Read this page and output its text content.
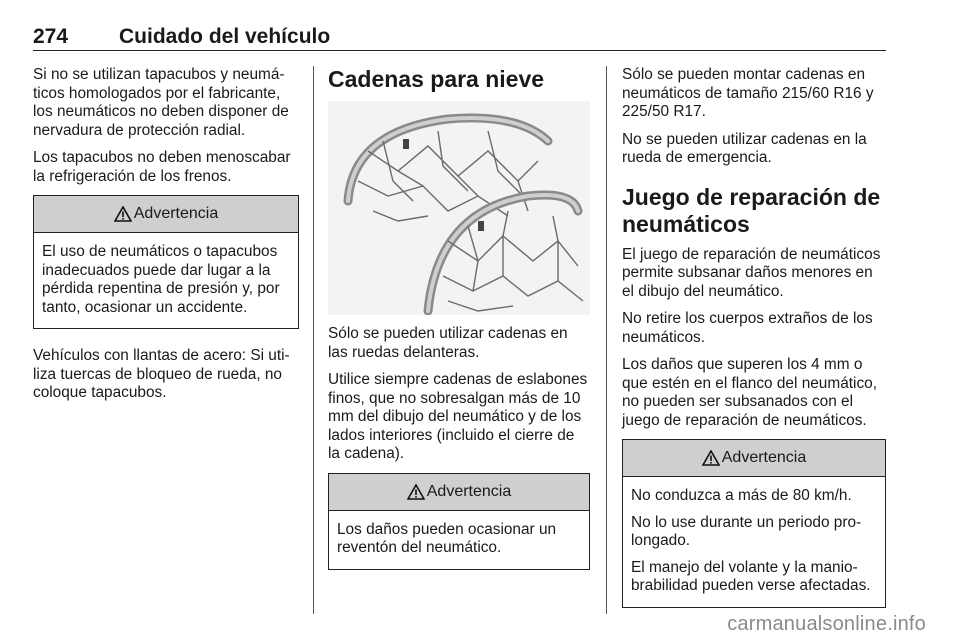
274 Cuidado del vehículo

Si no se utilizan tapacubos y neumáticos homologados por el fabricante, los neumáticos no deben disponer de nervadura de protección radial.

Los tapacubos no deben menoscabar la refrigeración de los frenos.

Advertencia

El uso de neumáticos o tapacubos inadecuados puede dar lugar a la pérdida repentina de presión y, por tanto, ocasionar un accidente.

Vehículos con llantas de acero: Si utiliza tuercas de bloqueo de rueda, no coloque tapacubos.

Cadenas para nieve

Sólo se pueden utilizar cadenas en las ruedas delanteras.

Utilice siempre cadenas de eslabones finos, que no sobresalgan más de 10 mm del dibujo del neumático y de los lados interiores (incluido el cierre de la cadena).

Advertencia

Los daños pueden ocasionar un reventón del neumático.

Sólo se pueden montar cadenas en neumáticos de tamaño 215/60 R16 y 225/50 R17.

No se pueden utilizar cadenas en la rueda de emergencia.

Juego de reparación de neumáticos

El juego de reparación de neumáticos permite subsanar daños menores en el dibujo del neumático.

No retire los cuerpos extraños de los neumáticos.

Los daños que superen los 4 mm o que estén en el flanco del neumático, no pueden ser subsanados con el juego de reparación de neumáticos.

Advertencia

No conduzca a más de 80 km/h.

No lo use durante un periodo prolongado.

El manejo del volante y la maniobrabilidad pueden verse afectadas.

carmanualsonline.info
